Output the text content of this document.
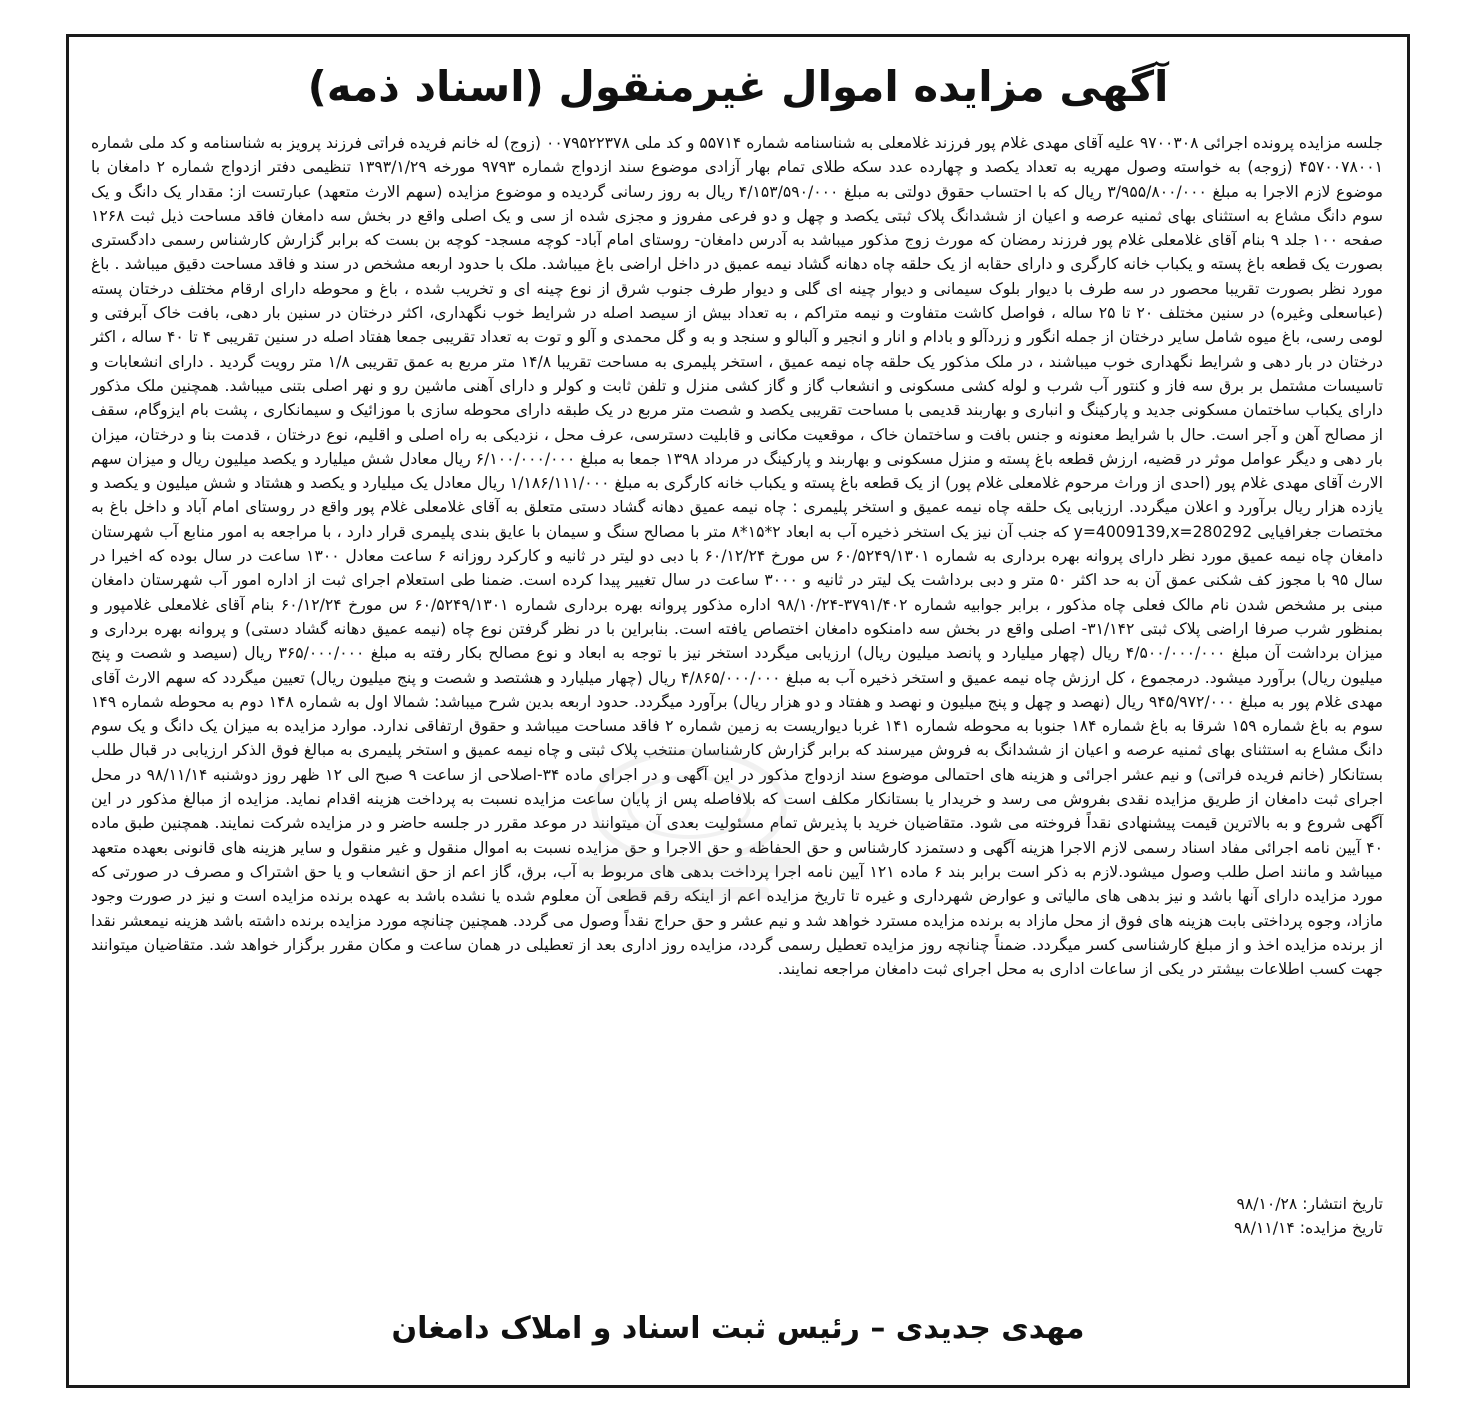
آگهی مزایده اموال غیرمنقول (اسناد ذمه)

جلسه مزایده پرونده اجرائی ۹۷۰۰۳۰۸ علیه آقای مهدی غلام پور فرزند غلامعلی به شناسنامه شماره ۵۵۷۱۴ و کد ملی ۰۰۷۹۵۲۲۳۷۸ (زوج) له خانم فریده فراتی فرزند پرویز به شناسنامه و کد ملی شماره ۴۵۷۰۰۷۸۰۰۱ (زوجه) به خواسته وصول مهریه به تعداد یکصد و چهارده عدد سکه طلای تمام بهار آزادی موضوع سند ازدواج شماره ۹۷۹۳ مورخه ۱۳۹۳/۱/۲۹ تنظیمی دفتر ازدواج شماره ۲ دامغان با موضوع لازم الاجرا به مبلغ ۳/۹۵۵/۸۰۰/۰۰۰ ریال که با احتساب حقوق دولتی به مبلغ ۴/۱۵۳/۵۹۰/۰۰۰ ریال به روز رسانی گردیده و موضوع مزایده (سهم الارث متعهد) عبارتست از: مقدار یک دانگ و یک سوم دانگ مشاع به استثنای بهای ثمنیه عرصه و اعیان از ششدانگ پلاک ثبتی یکصد و چهل و دو فرعی مفروز و مجزی شده از سی و یک اصلی واقع در بخش سه دامغان فاقد مساحت ذیل ثبت ۱۲۶۸ صفحه ۱۰۰ جلد ۹ بنام آقای غلامعلی غلام پور فرزند رمضان که مورث زوج مذکور میباشد به آدرس دامغان- روستای امام آباد- کوچه مسجد- کوچه بن بست که برابر گزارش کارشناس رسمی دادگستری بصورت یک قطعه باغ پسته و یکباب خانه کارگری و دارای حقابه از یک حلقه چاه دهانه گشاد نیمه عمیق در داخل اراضی باغ میباشد. ملک با حدود اربعه مشخص در سند و فاقد مساحت دقیق میباشد . باغ مورد نظر بصورت تقریبا محصور در سه طرف با دیوار بلوک سیمانی و دیوار چینه ای گلی و دیوار طرف جنوب شرق از نوع چینه ای و تخریب شده ، باغ و محوطه دارای ارقام مختلف درختان پسته (عباسعلی وغیره) در سنین مختلف ۲۰ تا ۲۵ ساله ، فواصل کاشت متفاوت و نیمه متراکم ، به تعداد بیش از سیصد اصله در شرایط خوب نگهداری، اکثر درختان در سنین بار دهی، بافت خاک آبرفتی و لومی رسی، باغ میوه شامل سایر درختان از جمله انگور و زردآلو و بادام و انار و انجیر و آلبالو و سنجد و به و گل محمدی و آلو و توت به تعداد تقریبی جمعا هفتاد اصله در سنین تقریبی ۴ تا ۴۰ ساله ، اکثر درختان در بار دهی و شرایط نگهداری خوب میباشند ، در ملک مذکور یک حلقه چاه نیمه عمیق ، استخر پلیمری به مساحت تقریبا ۱۴/۸ متر مربع به عمق تقریبی ۱/۸ متر رویت گردید . دارای انشعابات و تاسیسات مشتمل بر برق سه فاز و کنتور آب شرب و لوله کشی مسکونی و انشعاب گاز و گاز کشی منزل و تلفن ثابت و کولر و دارای آهنی ماشین رو و نهر اصلی بتنی میباشد. همچنین ملک مذکور دارای یکباب ساختمان مسکونی جدید و پارکینگ و انباری و بهاربند قدیمی با مساحت تقریبی یکصد و شصت متر مربع در یک طبقه دارای محوطه سازی با موزائیک و سیمانکاری ، پشت بام ایزوگام، سقف از مصالح آهن و آجر است. حال با شرایط معنونه و جنس بافت و ساختمان خاک ، موقعیت مکانی و قابلیت دسترسی، عرف محل ، نزدیکی به راه اصلی و اقلیم، نوع درختان ، قدمت بنا و درختان، میزان بار دهی و دیگر عوامل موثر در قضیه، ارزش قطعه باغ پسته و منزل مسکونی و بهاربند و پارکینگ در مرداد ۱۳۹۸ جمعا به مبلغ ۶/۱۰۰/۰۰۰/۰۰۰ ریال معادل شش میلیارد و یکصد میلیون ریال و میزان سهم الارث آقای مهدی غلام پور (احدی از وراث مرحوم غلامعلی غلام پور) از یک قطعه باغ پسته و یکباب خانه کارگری به مبلغ ۱/۱۸۶/۱۱۱/۰۰۰ ریال معادل یک میلیارد و یکصد و هشتاد و شش میلیون و یکصد و یازده هزار ریال برآورد و اعلان میگردد. ارزیابی یک حلقه چاه نیمه عمیق و استخر پلیمری : چاه نیمه عمیق دهانه گشاد دستی متعلق به آقای غلامعلی غلام پور واقع در روستای امام آباد و داخل باغ به مختصات جغرافیایی y=4009139,x=280292 که جنب آن نیز یک استخر ذخیره آب به ابعاد ۲*۱۵*۸ متر با مصالح سنگ و سیمان با عایق بندی پلیمری قرار دارد ، با مراجعه به امور منابع آب شهرستان دامغان چاه نیمه عمیق مورد نظر دارای پروانه بهره برداری به شماره ۶۰/۵۲۴۹/۱۳۰۱ س مورخ ۶۰/۱۲/۲۴ با دبی دو لیتر در ثانیه و کارکرد روزانه ۶ ساعت معادل ۱۳۰۰ ساعت در سال بوده که اخیرا در سال ۹۵ با مجوز کف شکنی عمق آن به حد اکثر ۵۰ متر و دبی برداشت یک لیتر در ثانیه و ۳۰۰۰ ساعت در سال تغییر پیدا کرده است. ضمنا طی استعلام اجرای ثبت از اداره امور آب شهرستان دامغان مبنی بر مشخص شدن نام مالک فعلی چاه مذکور ، برابر جوابیه شماره ۳۷۹۱/۴۰۲-۹۸/۱۰/۲۴ اداره مذکور پروانه بهره برداری شماره ۶۰/۵۲۴۹/۱۳۰۱ س مورخ ۶۰/۱۲/۲۴ بنام آقای غلامعلی غلامپور و بمنظور شرب صرفا اراضی پلاک ثبتی ۳۱/۱۴۲- اصلی واقع در بخش سه دامنکوه دامغان اختصاص یافته است. بنابراین با در نظر گرفتن نوع چاه (نیمه عمیق دهانه گشاد دستی) و پروانه بهره برداری و میزان برداشت آن مبلغ ۴/۵۰۰/۰۰۰/۰۰۰ ریال (چهار میلیارد و پانصد میلیون ریال) ارزیابی میگردد استخر نیز با توجه به ابعاد و نوع مصالح بکار رفته به مبلغ ۳۶۵/۰۰۰/۰۰۰ ریال (سیصد و شصت و پنج میلیون ریال) برآورد میشود. درمجموع ، کل ارزش چاه نیمه عمیق و استخر ذخیره آب به مبلغ ۴/۸۶۵/۰۰۰/۰۰۰ ریال (چهار میلیارد و هشتصد و شصت و پنج میلیون ریال) تعیین میگردد که سهم الارث آقای مهدی غلام پور به مبلغ ۹۴۵/۹۷۲/۰۰۰ ریال (نهصد و چهل و پنج میلیون و نهصد و هفتاد و دو هزار ریال) برآورد میگردد. حدود اربعه بدین شرح میباشد: شمالا اول به شماره ۱۴۸ دوم به محوطه شماره ۱۴۹ سوم به باغ شماره ۱۵۹ شرقا به باغ شماره ۱۸۴ جنوبا به محوطه شماره ۱۴۱ غربا دیواریست به زمین شماره ۲ فاقد مساحت میباشد و حقوق ارتفاقی ندارد. موارد مزایده به میزان یک دانگ و یک سوم دانگ مشاع به استثنای بهای ثمنیه عرصه و اعیان از ششدانگ به فروش میرسند که برابر گزارش کارشناسان منتخب پلاک ثبتی و چاه نیمه عمیق و استخر پلیمری به مبالغ فوق الذکر ارزیابی در قبال طلب بستانکار (خانم فریده فراتی) و نیم عشر اجرائی و هزینه های احتمالی موضوع سند ازدواج مذکور در این آگهی و در اجرای ماده ۳۴-اصلاحی از ساعت ۹ صبح الی ۱۲ ظهر روز دوشنبه ۹۸/۱۱/۱۴ در محل اجرای ثبت دامغان از طریق مزایده نقدی بفروش می رسد و خریدار یا بستانکار مکلف است که بلافاصله پس از پایان ساعت مزایده نسبت به پرداخت هزینه اقدام نماید. مزایده از مبالغ مذکور در این آگهی شروع و به بالاترین قیمت پیشنهادی نقداً فروخته می شود. متقاضیان خرید با پذیرش تمام مسئولیت بعدی آن میتوانند در موعد مقرر در جلسه حاضر و در مزایده شرکت نمایند. همچنین طبق ماده ۴۰ آیین نامه اجرائی مفاد اسناد رسمی لازم الاجرا هزینه آگهی و دستمزد کارشناس و حق الحفاظه و حق الاجرا و حق مزایده نسبت به اموال منقول و غیر منقول و سایر هزینه های قانونی بعهده متعهد میباشد و مانند اصل طلب وصول میشود.لازم به ذکر است برابر بند ۶ ماده ۱۲۱ آیین نامه اجرا پرداخت بدهی های مربوط به آب، برق، گاز اعم از حق انشعاب و یا حق اشتراک و مصرف در صورتی که مورد مزایده دارای آنها باشد و نیز بدهی های مالیاتی و عوارض شهرداری و غیره تا تاریخ مزایده اعم از اینکه رقم قطعی آن معلوم شده یا نشده باشد به عهده برنده مزایده است و نیز در صورت وجود مازاد، وجوه پرداختی بابت هزینه های فوق از محل مازاد به برنده مزایده مسترد خواهد شد و نیم عشر و حق حراج نقداً وصول می گردد. همچنین چنانچه مورد مزایده برنده داشته باشد هزینه نیمعشر نقدا از برنده مزایده اخذ و از مبلغ کارشناسی کسر میگردد. ضمناً چنانچه روز مزایده تعطیل رسمی گردد، مزایده روز اداری بعد از تعطیلی در همان ساعت و مکان مقرر برگزار خواهد شد. متقاضیان میتوانند جهت کسب اطلاعات بیشتر در یکی از ساعات اداری به محل اجرای ثبت دامغان مراجعه نمایند.

تاریخ انتشار: ۹۸/۱۰/۲۸
تاریخ مزایده: ۹۸/۱۱/۱۴
مهدی جدیدی – رئیس ثبت اسناد و املاک دامغان
